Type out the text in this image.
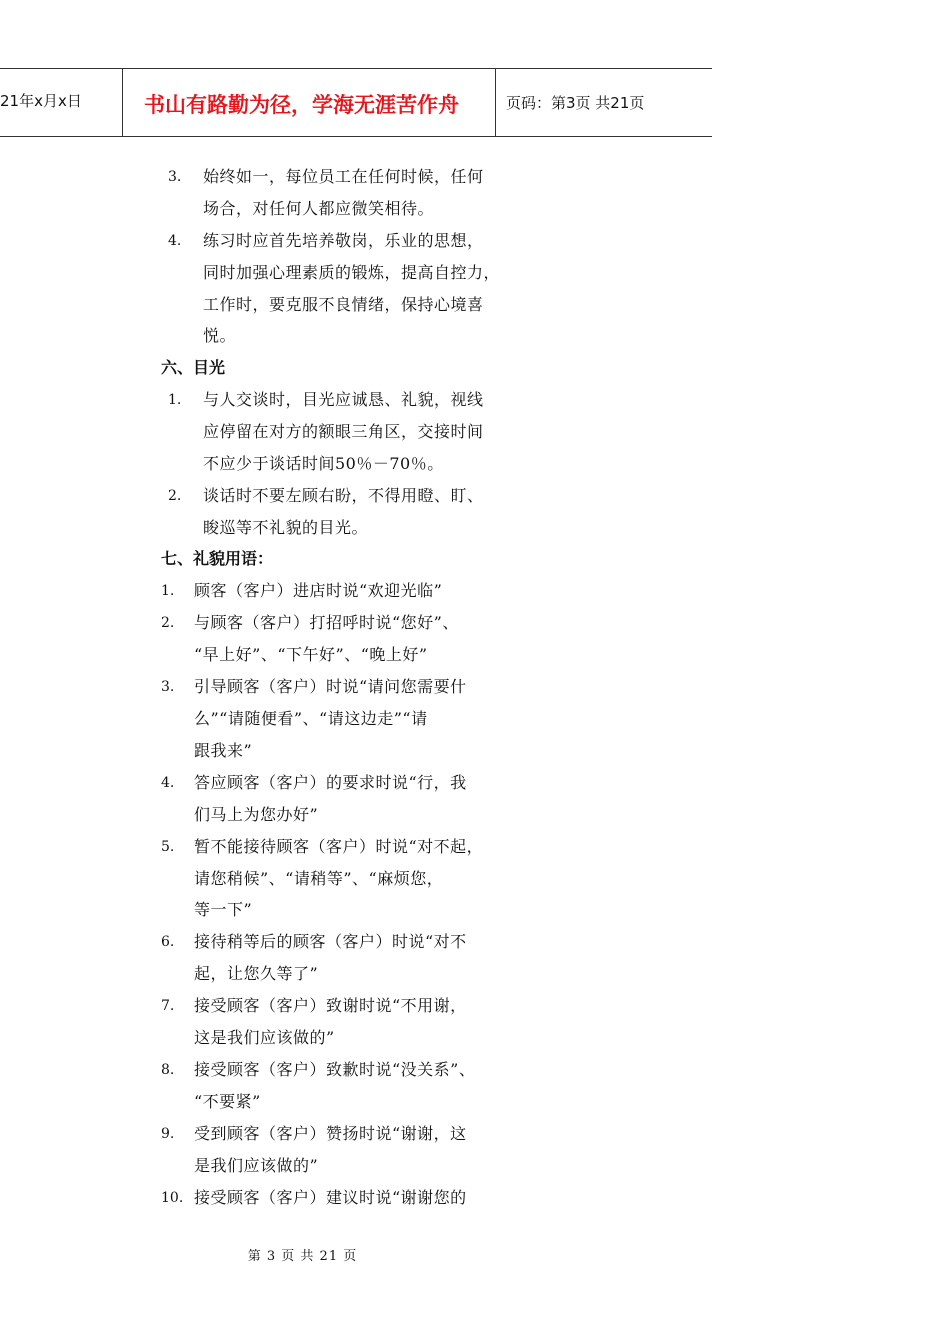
21年x月x日	书山有路勤为径，学海无涯苦作舟	页码：第3页 共21页
3. 始终如一，每位员工在任何时候，任何
场合，对任何人都应微笑相待。
4. 练习时应首先培养敬岗，乐业的思想，
同时加强心理素质的锻炼，提高自控力，
工作时，要克服不良情绪，保持心境喜
悦。
六、目光
1. 与人交谈时，目光应诚恳、礼貌，视线
应停留在对方的额眼三角区，交接时间
不应少于谈话时间50％－70％。
2. 谈话时不要左顾右盼，不得用瞪、盯、
睃巡等不礼貌的目光。
七、礼貌用语：
1. 顾客（客户）进店时说“欢迎光临”
2. 与顾客（客户）打招呼时说“您好”、
“早上好”、“下午好”、“晚上好”
3. 引导顾客（客户）时说“请问您需要什
么”“请随便看”、“请这边走”“请
跟我来”
4. 答应顾客（客户）的要求时说“行，我
们马上为您办好”
5. 暂不能接待顾客（客户）时说“对不起，
请您稍候”、“请稍等”、“麻烦您，
等一下”
6. 接待稍等后的顾客（客户）时说“对不
起，让您久等了”
7. 接受顾客（客户）致谢时说“不用谢，
这是我们应该做的”
8. 接受顾客（客户）致歉时说“没关系”、
“不要紧”
9. 受到顾客（客户）赞扬时说“谢谢，这
是我们应该做的”
10. 接受顾客（客户）建议时说“谢谢您的
第 3 页 共 21 页
